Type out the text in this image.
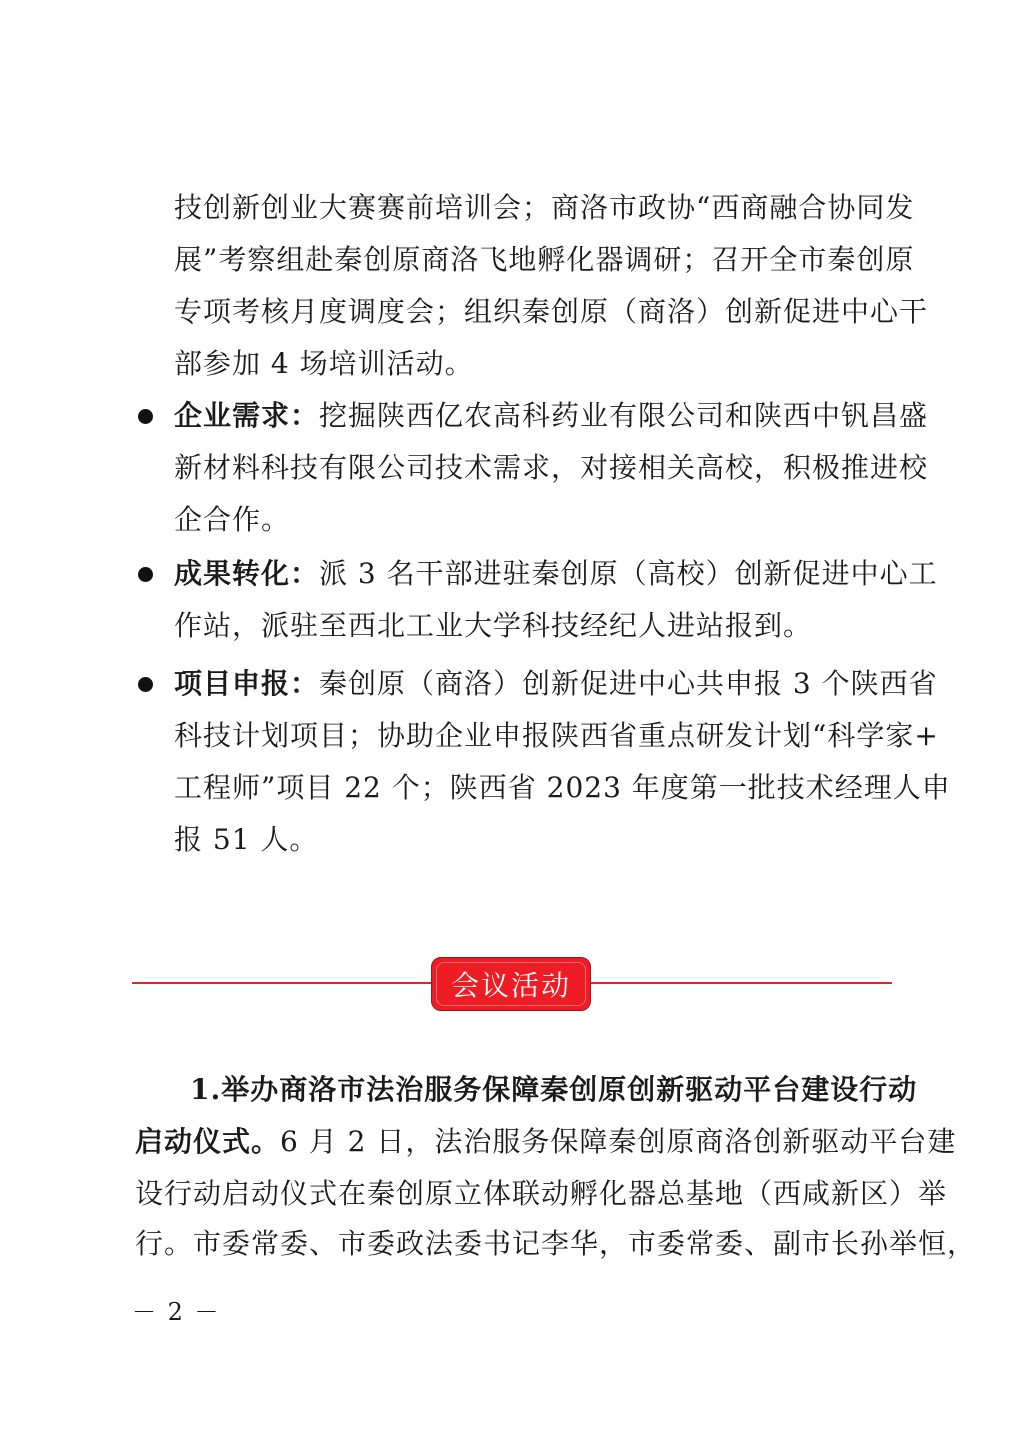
技创新创业大赛赛前培训会；商洛市政协“西商融合协同发
展”考察组赴秦创原商洛飞地孵化器调研；召开全市秦创原
专项考核月度调度会；组织秦创原（商洛）创新促进中心干
部参加 4 场培训活动。
企业需求：挖掘陕西亿农高科药业有限公司和陕西中钒昌盛
新材料科技有限公司技术需求，对接相关高校，积极推进校
企合作。
成果转化：派 3 名干部进驻秦创原（高校）创新促进中心工
作站，派驻至西北工业大学科技经纪人进站报到。
项目申报：秦创原（商洛）创新促进中心共申报 3 个陕西省
科技计划项目；协助企业申报陕西省重点研发计划“科学家+
工程师”项目 22 个；陕西省 2023 年度第一批技术经理人申
报 51 人。
会议活动
1.举办商洛市法治服务保障秦创原创新驱动平台建设行动
启动仪式。6 月 2 日，法治服务保障秦创原商洛创新驱动平台建
设行动启动仪式在秦创原立体联动孵化器总基地（西咸新区）举
行。市委常委、市委政法委书记李华，市委常委、副市长孙举恒，
－ 2 －
